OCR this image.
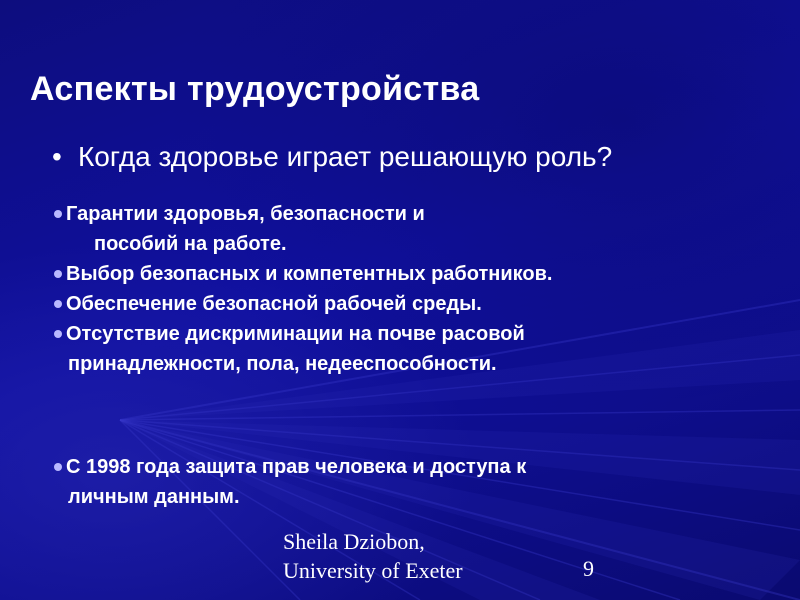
Аспекты трудоустройства
• Когда здоровье играет решающую роль?
Гарантии здоровья, безопасности и
пособий на работе.
Выбор безопасных и компетентных работников.
Обеспечение безопасной рабочей среды.
Отсутствие дискриминации на почве расовой
принадлежности, пола, недееспособности.
С 1998 года защита прав человека и доступа к
личным данным.
Sheila Dziobon,
University of Exeter	9
